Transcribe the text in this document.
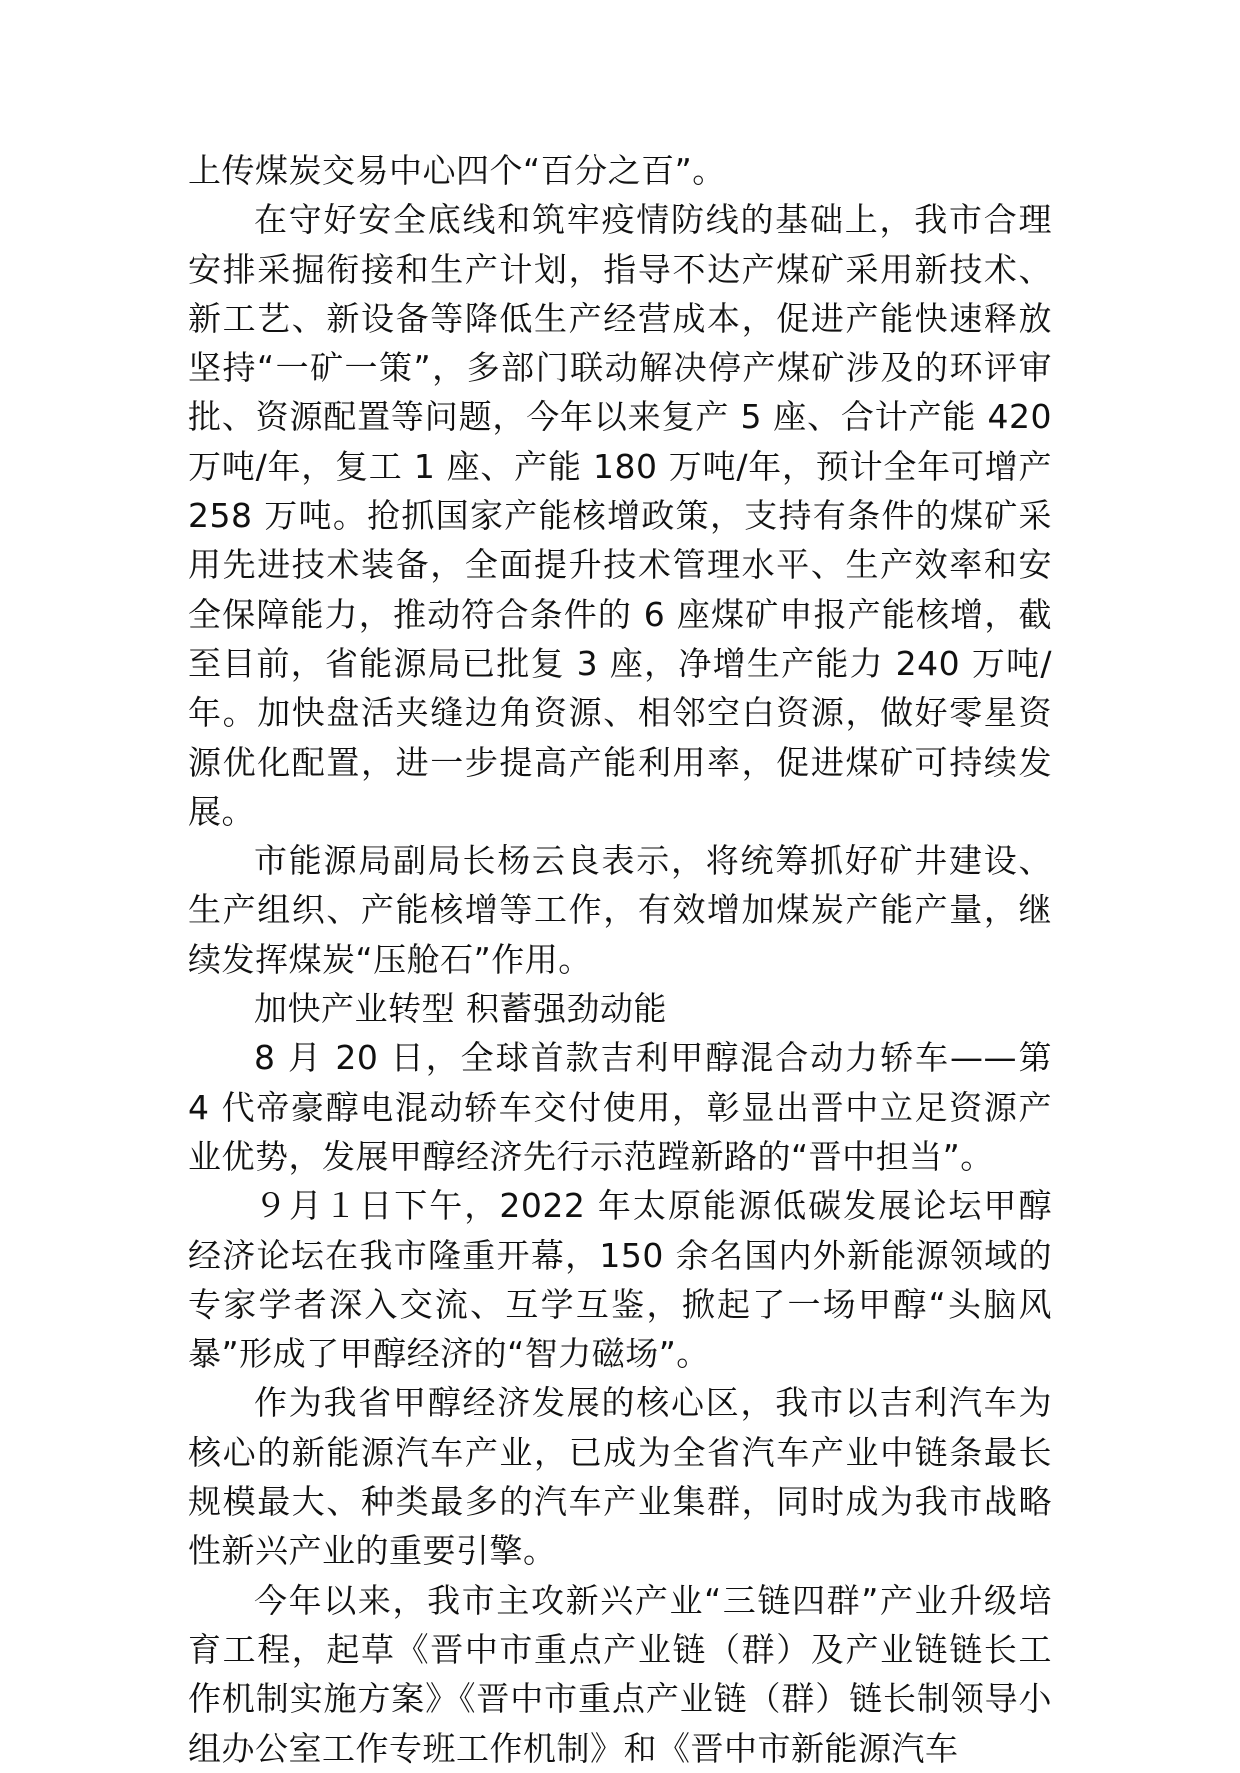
上传煤炭交易中心四个“百分之百”。

在守好安全底线和筑牢疫情防线的基础上，我市合理安排采掘衔接和生产计划，指导不达产煤矿采用新技术、新工艺、新设备等降低生产经营成本，促进产能快速释放坚持“一矿一策”，多部门联动解决停产煤矿涉及的环评审批、资源配置等问题，今年以来复产 5 座、合计产能 420 万吨/年，复工 1 座、产能 180 万吨/年，预计全年可增产 258 万吨。抢抓国家产能核增政策，支持有条件的煤矿采用先进技术装备，全面提升技术管理水平、生产效率和安全保障能力，推动符合条件的 6 座煤矿申报产能核增，截至目前，省能源局已批复 3 座，净增生产能力 240 万吨/年。加快盘活夹缝边角资源、相邻空白资源，做好零星资源优化配置，进一步提高产能利用率，促进煤矿可持续发展。

市能源局副局长杨云良表示，将统筹抓好矿井建设、生产组织、产能核增等工作，有效增加煤炭产能产量，继续发挥煤炭“压舱石”作用。

加快产业转型 积蓄强劲动能

8 月 20 日，全球首款吉利甲醇混合动力轿车——第 4 代帝豪醇电混动轿车交付使用，彰显出晋中立足资源产业优势，发展甲醇经济先行示范蹚新路的“晋中担当”。

９月１日下午，2022 年太原能源低碳发展论坛甲醇经济论坛在我市隆重开幕，150 余名国内外新能源领域的专家学者深入交流、互学互鉴，掀起了一场甲醇“头脑风暴”形成了甲醇经济的“智力磁场”。

作为我省甲醇经济发展的核心区，我市以吉利汽车为核心的新能源汽车产业，已成为全省汽车产业中链条最长规模最大、种类最多的汽车产业集群，同时成为我市战略性新兴产业的重要引擎。

今年以来，我市主攻新兴产业“三链四群”产业升级培育工程，起草《晋中市重点产业链（群）及产业链链长工作机制实施方案》《晋中市重点产业链（群）链长制领导小组办公室工作专班工作机制》和《晋中市新能源汽车
